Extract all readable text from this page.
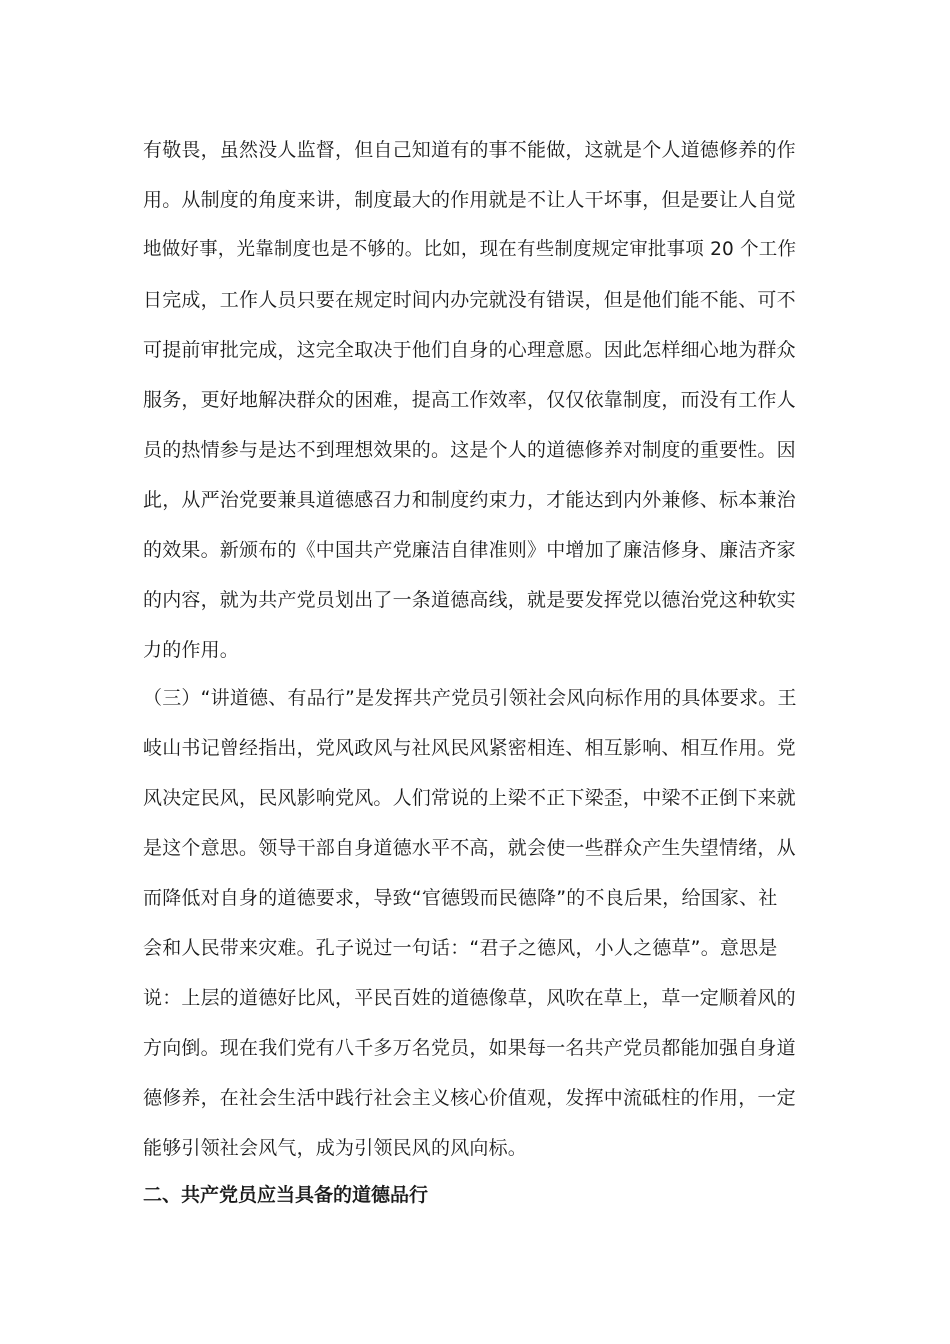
有敬畏，虽然没人监督，但自己知道有的事不能做，这就是个人道德修养的作
用。从制度的角度来讲，制度最大的作用就是不让人干坏事，但是要让人自觉
地做好事，光靠制度也是不够的。比如，现在有些制度规定审批事项 20 个工作
日完成，工作人员只要在规定时间内办完就没有错误，但是他们能不能、可不
可提前审批完成，这完全取决于他们自身的心理意愿。因此怎样细心地为群众
服务，更好地解决群众的困难，提高工作效率，仅仅依靠制度，而没有工作人
员的热情参与是达不到理想效果的。这是个人的道德修养对制度的重要性。因
此，从严治党要兼具道德感召力和制度约束力，才能达到内外兼修、标本兼治
的效果。新颁布的《中国共产党廉洁自律准则》中增加了廉洁修身、廉洁齐家
的内容，就为共产党员划出了一条道德高线，就是要发挥党以德治党这种软实
力的作用。
（三）“讲道德、有品行”是发挥共产党员引领社会风向标作用的具体要求。王
岐山书记曾经指出，党风政风与社风民风紧密相连、相互影响、相互作用。党
风决定民风，民风影响党风。人们常说的上梁不正下梁歪，中梁不正倒下来就
是这个意思。领导干部自身道德水平不高，就会使一些群众产生失望情绪，从
而降低对自身的道德要求，导致“官德毁而民德降”的不良后果，给国家、社
会和人民带来灾难。孔子说过一句话：“君子之德风，小人之德草”。意思是
说：上层的道德好比风，平民百姓的道德像草，风吹在草上，草一定顺着风的
方向倒。现在我们党有八千多万名党员，如果每一名共产党员都能加强自身道
德修养，在社会生活中践行社会主义核心价值观，发挥中流砥柱的作用，一定
能够引领社会风气，成为引领民风的风向标。
二、共产党员应当具备的道德品行
